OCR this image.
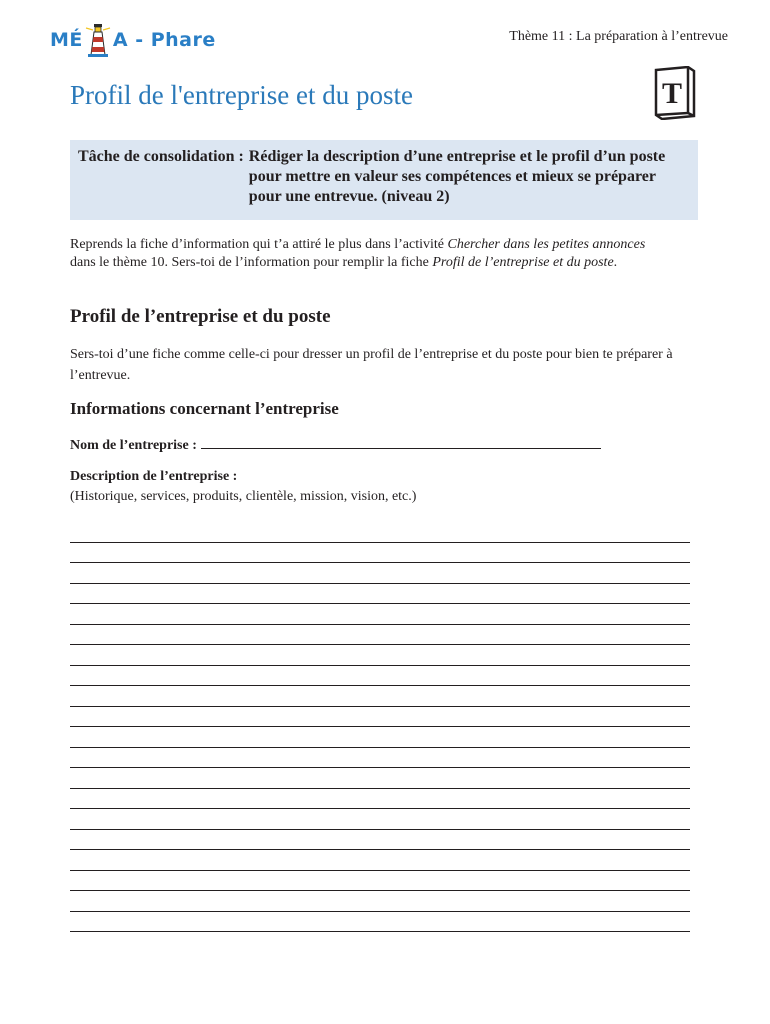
MÉ A - Phare	Thème 11 : La préparation à l’entrevue
Profil de l'entreprise et du poste	T
Tâche de consolidation : Rédiger la description d’une entreprise et le profil d’un poste pour mettre en valeur ses compétences et mieux se préparer pour une entrevue. (niveau 2)
Reprends la fiche d’information qui t’a attiré le plus dans l’activité Chercher dans les petites annonces dans le thème 10. Sers-toi de l’information pour remplir la fiche Profil de l’entreprise et du poste.
Profil de l’entreprise et du poste
Sers-toi d’une fiche comme celle-ci pour dresser un profil de l’entreprise et du poste pour bien te préparer à l’entrevue.
Informations concernant l’entreprise
Nom de l’entreprise :
Description de l’entreprise :
(Historique, services, produits, clientèle, mission, vision, etc.)
